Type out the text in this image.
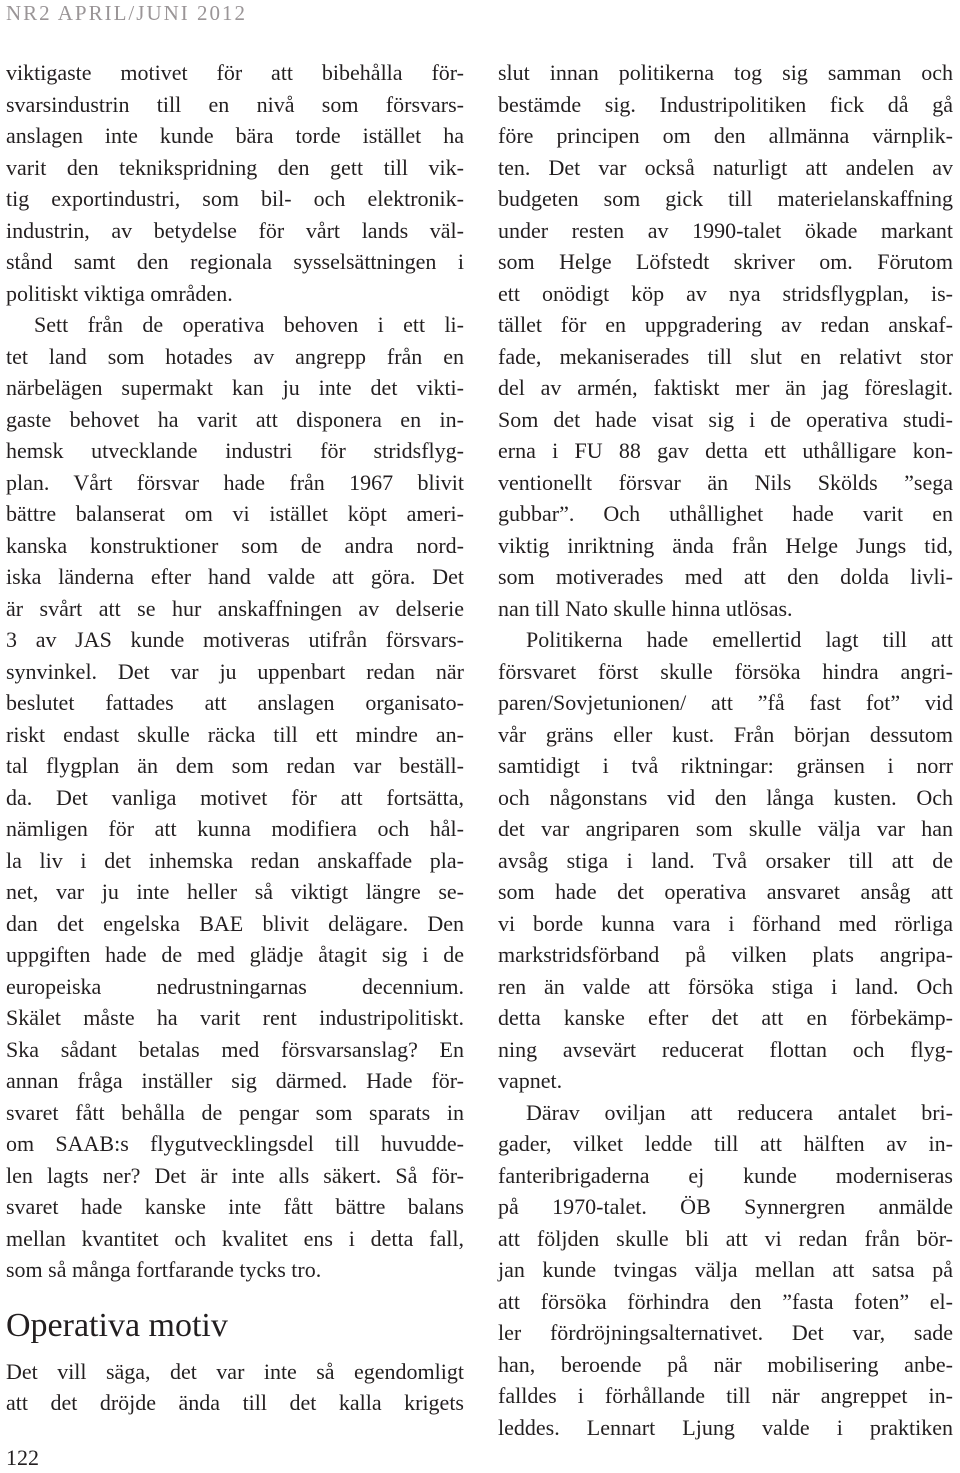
NR2 APRIL/JUNI 2012
viktigaste motivet för att bibehålla för-
svarsindustrin till en nivå som försvars-
anslagen inte kunde bära torde istället ha
varit den teknikspridning den gett till vik-
tig exportindustri, som bil- och elektronik-
industrin, av betydelse för vårt lands väl-
stånd samt den regionala sysselsättningen i
politiskt viktiga områden.
Sett från de operativa behoven i ett li-
tet land som hotades av angrepp från en
närbelägen supermakt kan ju inte det vikti-
gaste behovet ha varit att disponera en in-
hemsk utvecklande industri för stridsflyg-
plan. Vårt försvar hade från 1967 blivit
bättre balanserat om vi istället köpt ameri-
kanska konstruktioner som de andra nord-
iska länderna efter hand valde att göra. Det
är svårt att se hur anskaffningen av delserie
3 av JAS kunde motiveras utifrån försvars-
synvinkel. Det var ju uppenbart redan när
beslutet fattades att anslagen organisato-
riskt endast skulle räcka till ett mindre an-
tal flygplan än dem som redan var beställ-
da. Det vanliga motivet för att fortsätta,
nämligen för att kunna modifiera och hål-
la liv i det inhemska redan anskaffade pla-
net, var ju inte heller så viktigt längre se-
dan det engelska BAE blivit delägare. Den
uppgiften hade de med glädje åtagit sig i de
europeiska nedrustningarnas decennium.
Skälet måste ha varit rent industripolitiskt.
Ska sådant betalas med försvarsanslag? En
annan fråga inställer sig därmed. Hade för-
svaret fått behålla de pengar som sparats in
om SAAB:s flygutvecklingsdel till huvudde-
len lagts ner? Det är inte alls säkert. Så för-
svaret hade kanske inte fått bättre balans
mellan kvantitet och kvalitet ens i detta fall,
som så många fortfarande tycks tro.
Operativa motiv
Det vill säga, det var inte så egendomligt
att det dröjde ända till det kalla krigets
slut innan politikerna tog sig samman och
bestämde sig. Industripolitiken fick då gå
före principen om den allmänna värnplik-
ten. Det var också naturligt att andelen av
budgeten som gick till materielanskaffning
under resten av 1990-talet ökade markant
som Helge Löfstedt skriver om. Förutom
ett onödigt köp av nya stridsflygplan, is-
tället för en uppgradering av redan anskaf-
fade, mekaniserades till slut en relativt stor
del av armén, faktiskt mer än jag föreslagit.
Som det hade visat sig i de operativa studi-
erna i FU 88 gav detta ett uthålligare kon-
ventionellt försvar än Nils Skölds ”sega
gubbar”. Och uthållighet hade varit en
viktig inriktning ända från Helge Jungs tid,
som motiverades med att den dolda livli-
nan till Nato skulle hinna utlösas.
Politikerna hade emellertid lagt till att
försvaret först skulle försöka hindra angri-
paren/Sovjetunionen/ att ”få fast fot” vid
vår gräns eller kust. Från början dessutom
samtidigt i två riktningar: gränsen i norr
och någonstans vid den långa kusten. Och
det var angriparen som skulle välja var han
avsåg stiga i land. Två orsaker till att de
som hade det operativa ansvaret ansåg att
vi borde kunna vara i förhand med rörliga
markstridsförband på vilken plats angripa-
ren än valde att försöka stiga i land. Och
detta kanske efter det att en förbekämp-
ning avsevärt reducerat flottan och flyg-
vapnet.
Därav oviljan att reducera antalet bri-
gader, vilket ledde till att hälften av in-
fanteribrigaderna ej kunde moderniseras
på 1970-talet. ÖB Synnergren anmälde
att följden skulle bli att vi redan från bör-
jan kunde tvingas välja mellan att satsa på
att försöka förhindra den ”fasta foten” el-
ler fördröjningsalternativet. Det var, sade
han, beroende på när mobilisering anbe-
falldes i förhållande till när angreppet in-
leddes. Lennart Ljung valde i praktiken
122
